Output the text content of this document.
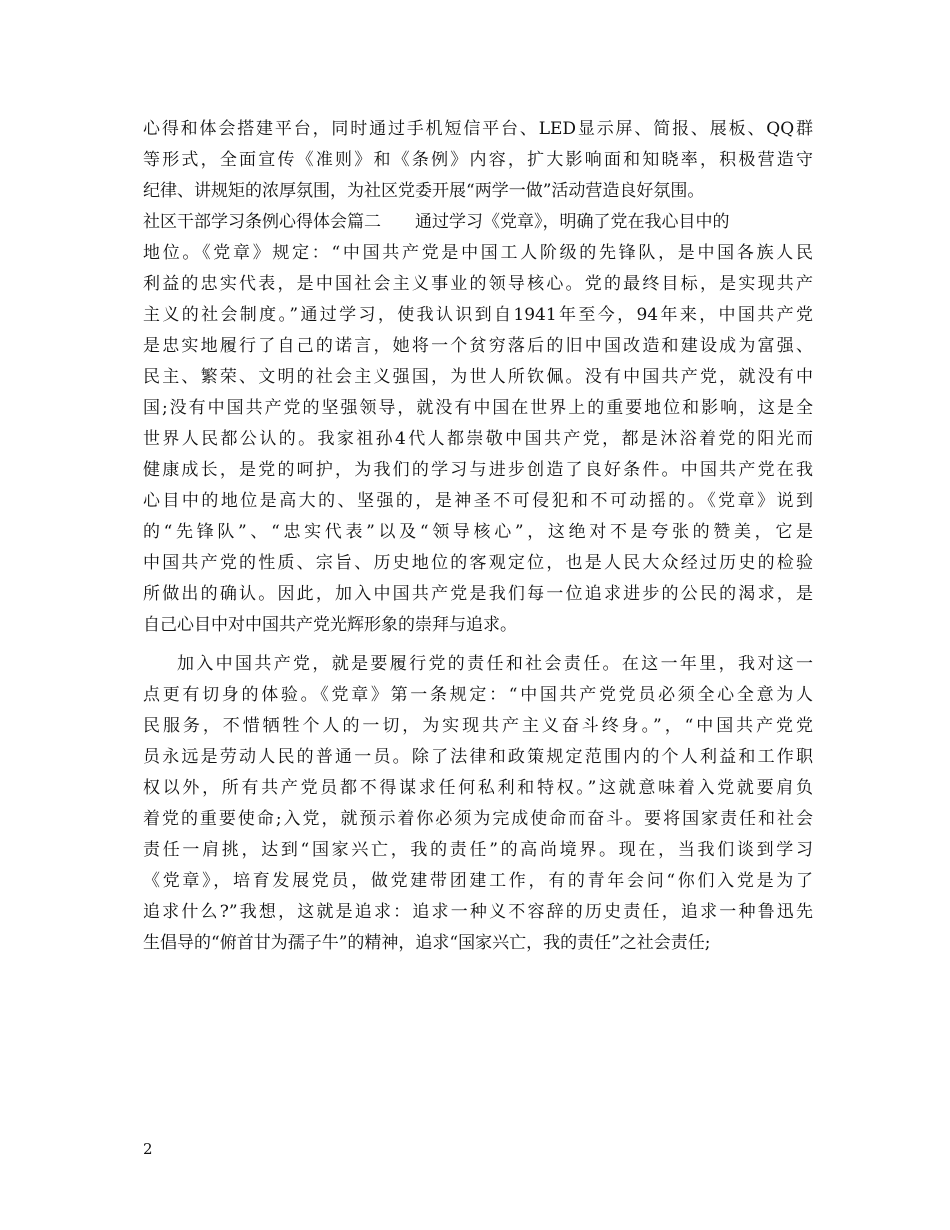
心得和体会搭建平台，同时通过手机短信平台、LED显示屏、简报、展板、QQ群
等形式，全面宣传《准则》和《条例》内容，扩大影响面和知晓率，积极营造守
纪律、讲规矩的浓厚氛围，为社区党委开展“两学一做”活动营造良好氛围。
社区干部学习条例心得体会篇二　　通过学习《党章》，明确了党在我心目中的
地位。《党章》规定：“中国共产党是中国工人阶级的先锋队，是中国各族人民
利益的忠实代表，是中国社会主义事业的领导核心。党的最终目标，是实现共产
主义的社会制度。”通过学习，使我认识到自1941年至今，94年来，中国共产党
是忠实地履行了自己的诺言，她将一个贫穷落后的旧中国改造和建设成为富强、
民主、繁荣、文明的社会主义强国，为世人所钦佩。没有中国共产党，就没有中
国;没有中国共产党的坚强领导，就没有中国在世界上的重要地位和影响，这是全
世界人民都公认的。我家祖孙4代人都崇敬中国共产党，都是沐浴着党的阳光而
健康成长，是党的呵护，为我们的学习与进步创造了良好条件。中国共产党在我
心目中的地位是高大的、坚强的，是神圣不可侵犯和不可动摇的。《党章》说到
的“先锋队”、“忠实代表”以及“领导核心”，这绝对不是夸张的赞美，它是
中国共产党的性质、宗旨、历史地位的客观定位，也是人民大众经过历史的检验
所做出的确认。因此，加入中国共产党是我们每一位追求进步的公民的渴求，是
自己心目中对中国共产党光辉形象的崇拜与追求。
加入中国共产党，就是要履行党的责任和社会责任。在这一年里，我对这一
点更有切身的体验。《党章》第一条规定：“中国共产党党员必须全心全意为人
民服务，不惜牺牲个人的一切，为实现共产主义奋斗终身。”，“中国共产党党
员永远是劳动人民的普通一员。除了法律和政策规定范围内的个人利益和工作职
权以外，所有共产党员都不得谋求任何私利和特权。”这就意味着入党就要肩负
着党的重要使命;入党，就预示着你必须为完成使命而奋斗。要将国家责任和社会
责任一肩挑，达到“国家兴亡，我的责任”的高尚境界。现在，当我们谈到学习
《党章》，培育发展党员，做党建带团建工作，有的青年会问“你们入党是为了
追求什么?”我想，这就是追求：追求一种义不容辞的历史责任，追求一种鲁迅先
生倡导的“俯首甘为孺子牛”的精神，追求“国家兴亡，我的责任”之社会责任;
2
